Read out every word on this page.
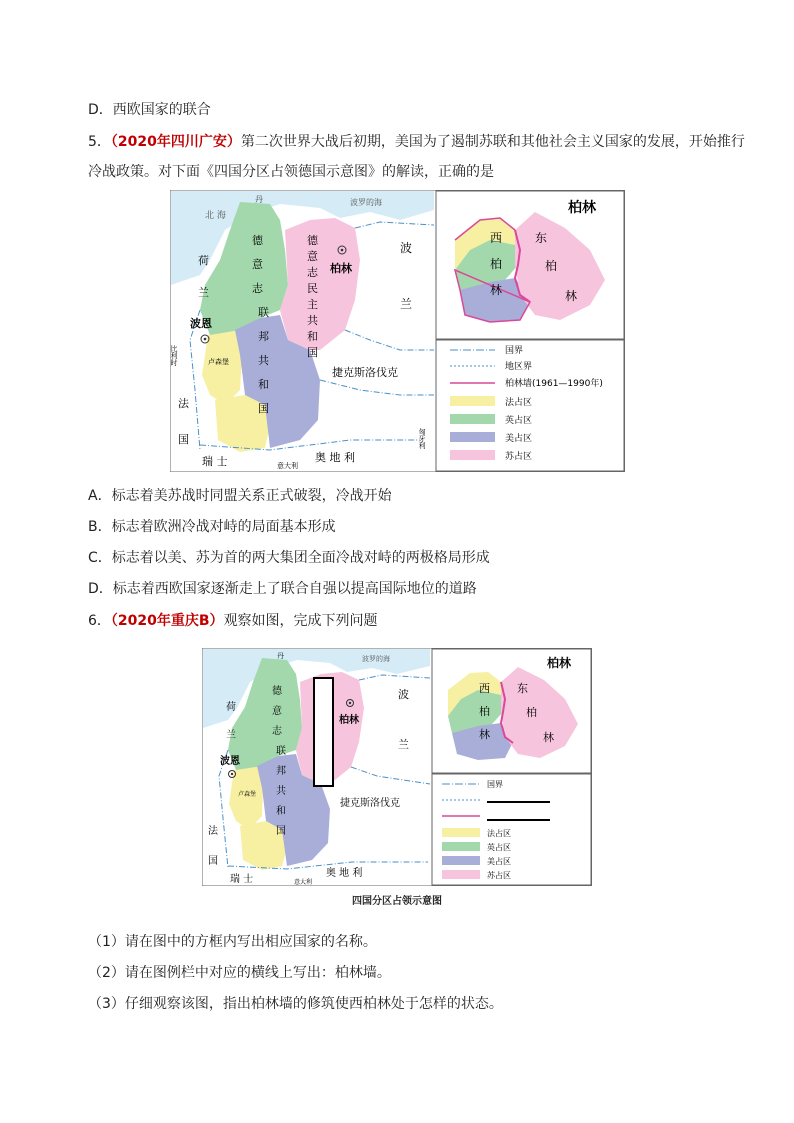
D．西欧国家的联合
5．（2020年四川广安）第二次世界大战后初期，美国为了遏制苏联和其他社会主义国家的发展，开始推行
冷战政策。对下面《四国分区占领德国示意图》的解读，正确的是
北 海
丹	波罗的海
荷
兰
波恩
比利时	卢森堡
法
国
瑞 士	意大利
奥 地 利
匈牙利
波
兰
捷克斯洛伐克
德
意
志
联
邦
共
和
国
德
意
志
民
主
共
和
国
柏林
柏林
西
柏
林
东
柏
林
国界
地区界
柏林墙(1961—1990年)
法占区
英占区
美占区
苏占区
A．标志着美苏战时同盟关系正式破裂，冷战开始
B．标志着欧洲冷战对峙的局面基本形成
C．标志着以美、苏为首的两大集团全面冷战对峙的两极格局形成
D．标志着西欧国家逐渐走上了联合自强以提高国际地位的道路
6．（2020年重庆B）观察如图，完成下列问题
丹	波罗的海
荷
兰
波恩
卢森堡
法
国
瑞 士	意大利
奥 地 利
波
兰
捷克斯洛伐克
德
意
志
联
邦
共
和
国
柏林
柏林
西
柏
林
东
柏
林
国界
法占区
英占区
美占区
苏占区
四国分区占领示意图
（1）请在图中的方框内写出相应国家的名称。
（2）请在图例栏中对应的横线上写出：柏林墙。
（3）仔细观察该图，指出柏林墙的修筑使西柏林处于怎样的状态。
